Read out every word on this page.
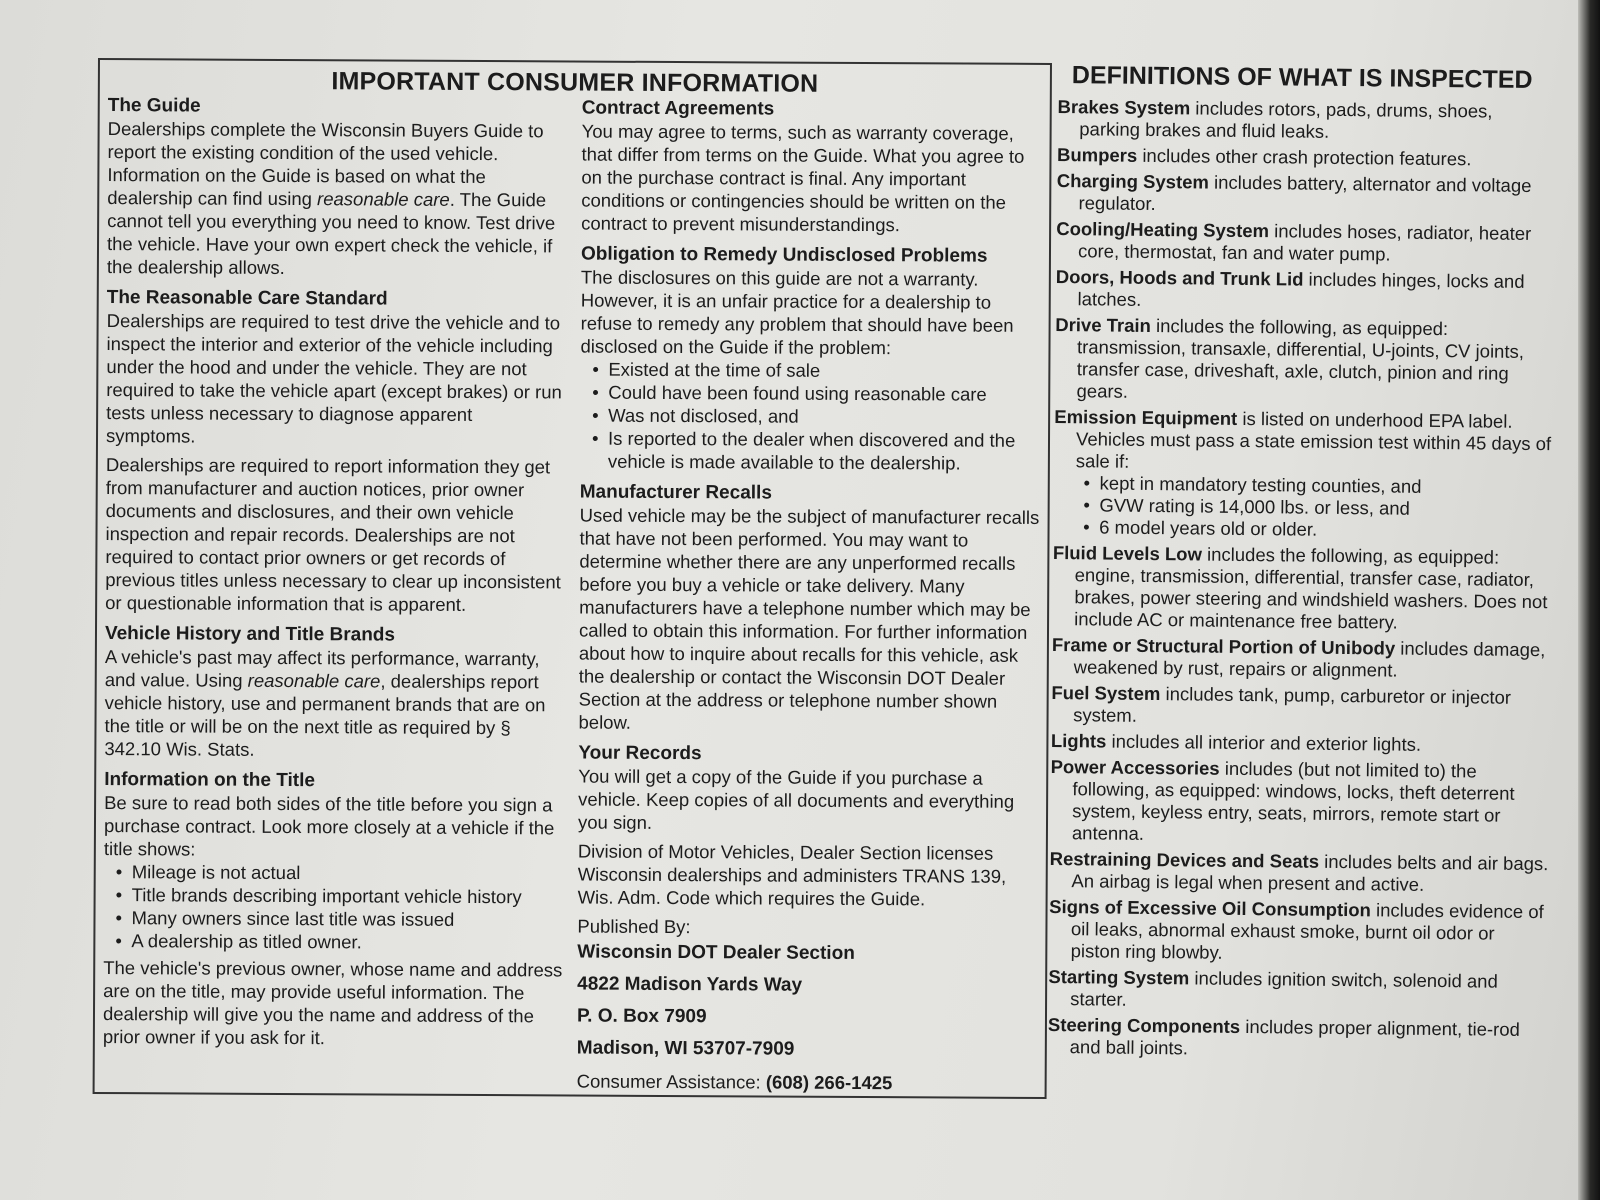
IMPORTANT CONSUMER INFORMATION
The Guide

Dealerships complete the Wisconsin Buyers Guide to report the existing condition of the used vehicle. Information on the Guide is based on what the dealership can find using reasonable care. The Guide cannot tell you everything you need to know. Test drive the vehicle. Have your own expert check the vehicle, if the dealership allows.

The Reasonable Care Standard

Dealerships are required to test drive the vehicle and to inspect the interior and exterior of the vehicle including under the hood and under the vehicle. They are not required to take the vehicle apart (except brakes) or run tests unless necessary to diagnose apparent symptoms.

Dealerships are required to report information they get from manufacturer and auction notices, prior owner documents and disclosures, and their own vehicle inspection and repair records. Dealerships are not required to contact prior owners or get records of previous titles unless necessary to clear up inconsistent or questionable information that is apparent.

Vehicle History and Title Brands

A vehicle's past may affect its performance, warranty, and value. Using reasonable care, dealerships report vehicle history, use and permanent brands that are on the title or will be on the next title as required by § 342.10 Wis. Stats.

Information on the Title

Be sure to read both sides of the title before you sign a purchase contract. Look more closely at a vehicle if the title shows:

• Mileage is not actual
• Title brands describing important vehicle history
• Many owners since last title was issued
• A dealership as titled owner.

The vehicle's previous owner, whose name and address are on the title, may provide useful information. The dealership will give you the name and address of the prior owner if you ask for it.

Contract Agreements

You may agree to terms, such as warranty coverage, that differ from terms on the Guide. What you agree to on the purchase contract is final. Any important conditions or contingencies should be written on the contract to prevent misunderstandings.

Obligation to Remedy Undisclosed Problems

The disclosures on this guide are not a warranty. However, it is an unfair practice for a dealership to refuse to remedy any problem that should have been disclosed on the Guide if the problem:

• Existed at the time of sale
• Could have been found using reasonable care
• Was not disclosed, and
• Is reported to the dealer when discovered and the vehicle is made available to the dealership.
Manufacturer Recalls

Used vehicle may be the subject of manufacturer recalls that have not been performed. You may want to determine whether there are any unperformed recalls before you buy a vehicle or take delivery. Many manufacturers have a telephone number which may be called to obtain this information. For further information about how to inquire about recalls for this vehicle, ask the dealership or contact the Wisconsin DOT Dealer Section at the address or telephone number shown below.

Your Records

You will get a copy of the Guide if you purchase a vehicle. Keep copies of all documents and everything you sign.

Division of Motor Vehicles, Dealer Section licenses Wisconsin dealerships and administers TRANS 139, Wis. Adm. Code which requires the Guide.

Published By:

Wisconsin DOT Dealer Section

4822 Madison Yards Way

P. O. Box 7909

Madison, WI 53707-7909

Consumer Assistance: (608) 266-1425

DEFINITIONS OF WHAT IS INSPECTED

Brakes System includes rotors, pads, drums, shoes, parking brakes and fluid leaks.

Bumpers includes other crash protection features.

Charging System includes battery, alternator and voltage regulator.

Cooling/Heating System includes hoses, radiator, heater core, thermostat, fan and water pump.

Doors, Hoods and Trunk Lid includes hinges, locks and latches.

Drive Train includes the following, as equipped: transmission, transaxle, differential, U-joints, CV joints, transfer case, driveshaft, axle, clutch, pinion and ring gears.

Emission Equipment is listed on underhood EPA label. Vehicles must pass a state emission test within 45 days of sale if:
• kept in mandatory testing counties, and
• GVW rating is 14,000 lbs. or less, and
• 6 model years old or older.

Fluid Levels Low includes the following, as equipped: engine, transmission, differential, transfer case, radiator, brakes, power steering and windshield washers. Does not include AC or maintenance free battery.

Frame or Structural Portion of Unibody includes damage, weakened by rust, repairs or alignment.

Fuel System includes tank, pump, carburetor or injector system.

Lights includes all interior and exterior lights.

Power Accessories includes (but not limited to) the following, as equipped: windows, locks, theft deterrent system, keyless entry, seats, mirrors, remote start or antenna.

Restraining Devices and Seats includes belts and air bags. An airbag is legal when present and active.

Signs of Excessive Oil Consumption includes evidence of oil leaks, abnormal exhaust smoke, burnt oil odor or piston ring blowby.

Starting System includes ignition switch, solenoid and starter.

Steering Components includes proper alignment, tie-rod and ball joints.
